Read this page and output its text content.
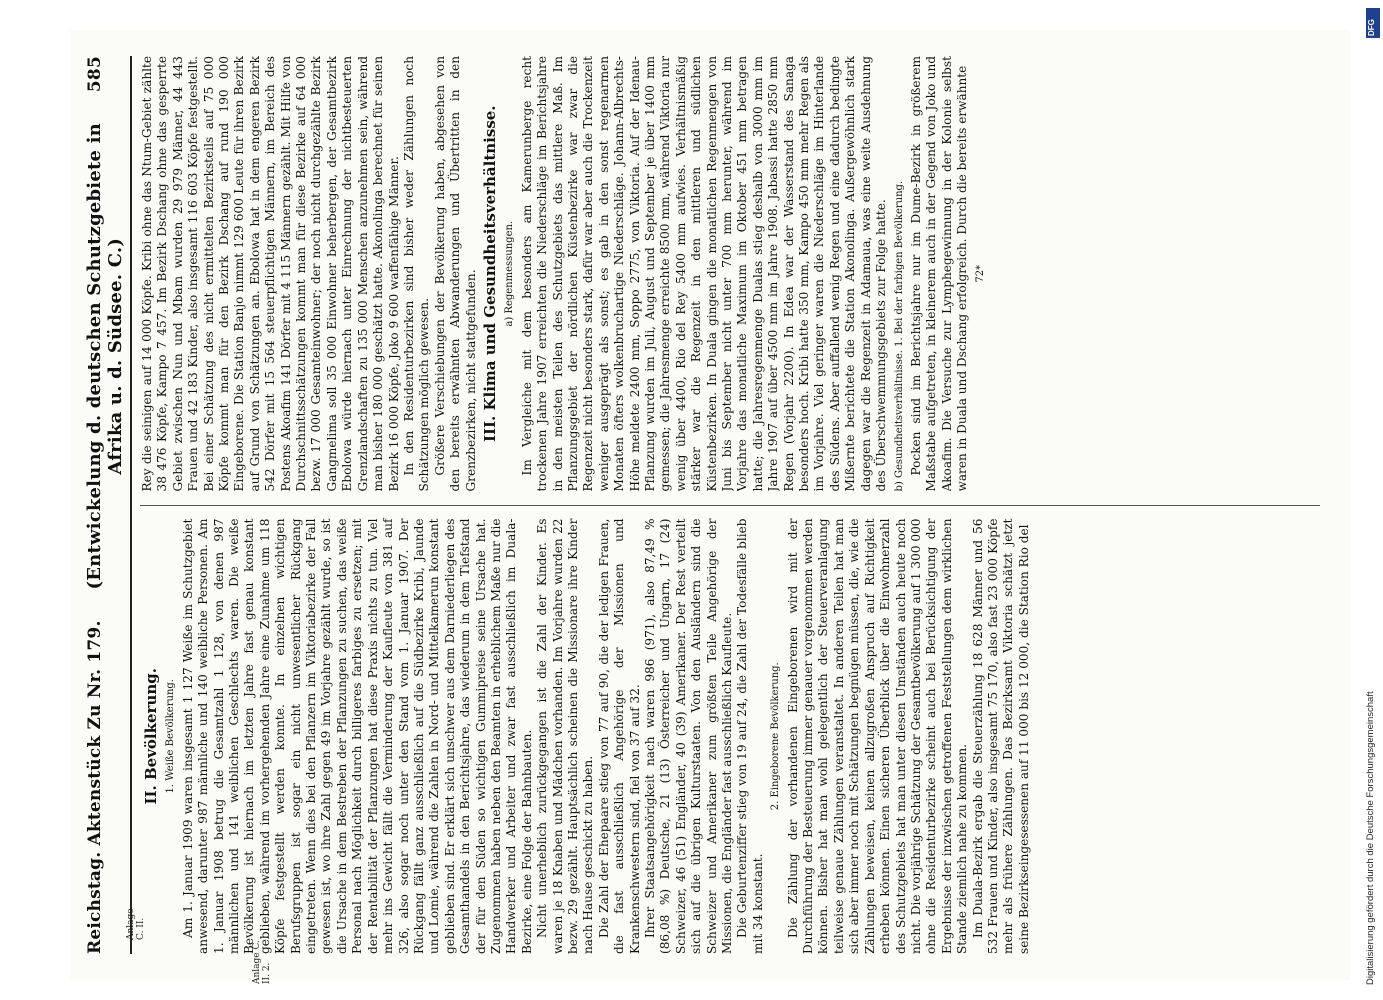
Reichstag. Aktenstück Zu Nr. 179.
(Entwickelung d. deutschen Schutzgebiete in Afrika u. d. Südsee. C.)
585
II. Bevölkerung. 1. Weiße Bevölkerung. Am 1. Januar 1909 waren insgesamt 1 127 Weiße im Schutzgebiet anwesend, darunter 987 männliche und 140 weibliche Personen. Am 1. Januar 1908 betrug die Gesamtzahl 1 128, von denen 987 männlichen und 141 weiblichen Geschlechts waren. Die weiße Bevölkerung ist hiernach im letzten Jahre fast genau konstant geblieben, während im vorhergehenden Jahre eine Zunahme um 118 Köpfe festgestellt werden konnte. In einzelnen wichtigen Berufsgruppen ist sogar ein nicht unwesentlicher Rückgang eingetreten. Wenn dies bei den Pflanzern im Viktoriabezirke der Fall gewesen ist, wo ihre Zahl gegen 49 im Vorjahre gezählt wurde, so ist die Ursache in dem Bestreben der Pflanzungen zu suchen, das weiße Personal nach Möglichkeit durch billigeres farbiges zu ersetzen; mit der Rentabilität der Pflanzungen hat diese Praxis nichts zu tun. Viel mehr ins Gewicht fällt die Verminderung der Kaufleute von 381 auf 326, also sogar noch unter den Stand vom 1. Januar 1907. Der Rückgang fällt ganz ausschließlich auf die Südbezirke Kribi, Jaunde und Lomie, während die Zahlen in Nord- und Mittelkamerun konstant geblieben sind. Er erklärt sich unschwer aus dem Darniederliegen des Gesamthandels in den Berichtsjahre, das wiederum in dem Tiefstand der für den Süden so wichtigen Gummipreise seine Ursache hat. Zugenommen haben neben den Beamten in erheblichem Maße nur die Handwerker und Arbeiter und zwar fast ausschließlich im Duala-Bezirke, eine Folge der Bahnbauten. Nicht unerheblich zurückgegangen ist die Zahl der Kinder. Es waren je 18 Knaben und Mädchen vorhanden. Im Vorjahre wurden 22 bezw. 29 gezählt. Hauptsächlich scheinen die Missionare ihre Kinder nach Hause geschickt zu haben. Die Zahl der Ehepaare stieg von 77 auf 90, die der ledigen Frauen, die fast ausschließlich Angehörige der Missionen und Krankenschwestern sind, fiel von 37 auf 32. Ihrer Staatsangehörigkeit nach waren 986 (971), also 87,49 % (86,08 %) Deutsche, 21 (13) Österreicher und Ungarn, 17 (24) Schweizer, 46 (51) Engländer, 40 (39) Amerikaner. Der Rest verteilt sich auf die übrigen Kulturstaaten. Von den Ausländern sind die Schweizer und Amerikaner zum größten Teile Angehörige der Missionen, die Engländer fast ausschließlich Kaufleute. Die Geburtenziffer stieg von 19 auf 24, die Zahl der Todesfälle blieb mit 34 konstant.

2. Eingeborene Bevölkerung. Die Zählung der vorhandenen Eingeborenen wird mit der Durchführung der Besteuerung immer genauer vorgenommen werden können. Bisher hat man wohl gelegentlich der Steuerveranlagung teilweise genaue Zählungen veranstaltet. In anderen Teilen hat man sich aber immer noch mit Schätzungen begnügen müssen, die, wie die Zählungen beweisen, keinen allzugroßen Anspruch auf Richtigkeit erheben können. Einen sicheren Überblick über die Einwohnerzahl des Schutzgebiets hat man unter diesen Umständen auch heute noch nicht. Die vorjährige Schätzung der Gesamtbevölkerung auf 1 300 000 ohne die Residenturbezirke scheint auch bei Berücksichtigung der Ergebnisse der inzwischen getroffenen Feststellungen dem wirklichen Stande ziemlich nahe zu kommen. Im Duala-Bezirk ergab die Steuerzählung 18 628 Männer und 56 532 Frauen und Kinder, also insgesamt 75 170, also fast 23 000 Köpfe mehr als frühere Zählungen. Das Bezirksamt Viktoria schätzt jetzt seine Bezirkseingesessenen auf 11 000 bis 12 000, die Station Rio del

Rey die seinigen auf 14 000 Köpfe. Kribi ohne das Ntum-Gebiet zählte 38 476 Köpfe, Kampo 7 457. Im Bezirk Dschang ohne das gesperrte Gebiet zwischen Nun und Mbam wurden 29 979 Männer, 44 443 Frauen und 42 183 Kinder, also insgesamt 116 603 Köpfe festgestellt. Bei einer Schätzung des nicht ermittelten Bezirksteils auf 75 000 Köpfe kommt man für den Bezirk Dschang auf rund 190 000 Eingeborene. Die Station Banjo nimmt 129 600 Leute für ihren Bezirk auf Grund von Schätzungen an. Ebolowa hat in dem engeren Bezirk 542 Dörfer mit 15 564 steuerpflichtigen Männern, im Bereich des Postens Akoafim 141 Dörfer mit 4 115 Männern gezählt. Mit Hilfe von Durchschnittsschätzungen kommt man für diese Bezirke auf 64 000 bezw. 17 000 Gesamteinwohner; der noch nicht durchgezählte Bezirk Gangmelima soll 35 000 Einwohner beherbergen, der Gesamtbezirk Ebolowa würde hiernach unter Einrechnung der nichtbesteuerten Grenzlandschaften zu 135 000 Menschen anzunehmen sein, während man bisher 180 000 geschätzt hatte. Akonolinga berechnet für seinen Bezirk 16 000 Köpfe, Joko 9 600 waffenfähige Männer. In den Residenturbezirken sind bisher weder Zählungen noch Schätzungen möglich gewesen. Größere Verschiebungen der Bevölkerung haben, abgesehen von den bereits erwähnten Abwanderungen und Übertritten in den Grenzbezirken, nicht stattgefunden. III. Klima und Gesundheitsverhältnisse. a) Regenmessungen. Im Vergleiche mit dem besonders am Kamerunberge recht trockenen Jahre 1907 erreichten die Niederschläge im Berichtsjahre in den meisten Teilen des Schutzgebiets das mittlere Maß. Im Pflanzungsgebiet der nördlichen Küstenbezirke war zwar die Regenzeit nicht besonders stark, dafür war aber auch die Trockenzeit weniger ausgeprägt als sonst; es gab in den sonst regenarmen Monaten öfters wolkenbruchartige Niederschläge. Johann-Albrechts-Höhe meldete 2400 mm, Soppo 2775, von Viktoria. Auf der Idenau-Pflanzung wurden im Juli, August und September je über 1400 mm gemessen; die Jahresmenge erreichte 8500 mm, während Viktoria nur wenig über 4400, Rio del Rey 5400 mm aufwies. Verhältnismäßig stärker war die Regenzeit in den mittleren und südlichen Küstenbezirken. In Duala gingen die monatlichen Regenmengen von Juni bis September nicht unter 700 mm herunter, während im Vorjahre das monatliche Maximum im Oktober 451 mm betragen hatte; die Jahresregenmenge Dualas stieg deshalb von 3000 mm im Jahre 1907 auf über 4500 mm im Jahre 1908. Jabassi hatte 2850 mm Regen (Vorjahr 2200). In Edea war der Wasserstand des Sanaga besonders hoch. Kribi hatte 350 mm, Kampo 450 mm mehr Regen als im Vorjahre. Viel geringer waren die Niederschläge im Hinterlande des Südens. Aber auffallend wenig Regen und eine dadurch bedingte Mißernte berichtete die Station Akonolinga. Außergewöhnlich stark dagegen war die Regenzeit in Adamaua, was eine weite Ausdehnung des Überschwemmungsgebiets zur Folge hatte. b) Gesundheitsverhältnisse. 1. Bei der farbigen Bevölkerung. Pocken sind im Berichtsjahre nur im Dume-Bezirk in größerem Maßstabe aufgetreten, in kleinerem auch in der Gegend von Joko und Akoafim. Die Versuche zur Lymphegewinnung in der Kolonie selbst waren in Duala und Dschang erfolgreich. Durch die bereits erwähnte 72*
Anlage C. II.
Anlage C. II. 2.
DFG
Digitalisierung gefördert durch die Deutsche Forschungsgemeinschaft
